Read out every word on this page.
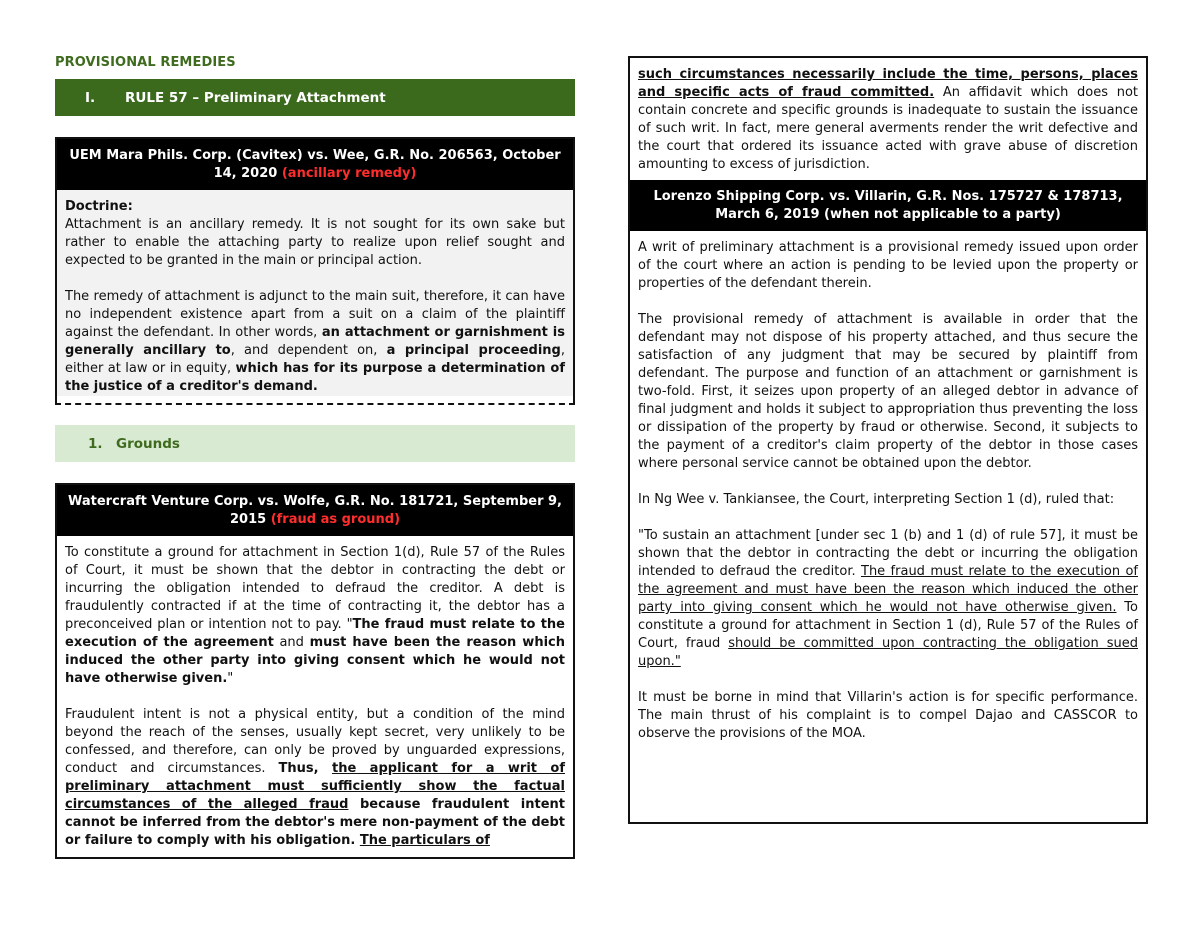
PROVISIONAL REMEDIES
I.	RULE 57 – Preliminary Attachment
UEM Mara Phils. Corp. (Cavitex) vs. Wee, G.R. No. 206563, October 14, 2020 (ancillary remedy)

Doctrine:
Attachment is an ancillary remedy. It is not sought for its own sake but rather to enable the attaching party to realize upon relief sought and expected to be granted in the main or principal action.

The remedy of attachment is adjunct to the main suit, therefore, it can have no independent existence apart from a suit on a claim of the plaintiff against the defendant. In other words, an attachment or garnishment is generally ancillary to, and dependent on, a principal proceeding, either at law or in equity, which has for its purpose a determination of the justice of a creditor's demand.

1. Grounds
Watercraft Venture Corp. vs. Wolfe, G.R. No. 181721, September 9, 2015 (fraud as ground)

To constitute a ground for attachment in Section 1(d), Rule 57 of the Rules of Court, it must be shown that the debtor in contracting the debt or incurring the obligation intended to defraud the creditor. A debt is fraudulently contracted if at the time of contracting it, the debtor has a preconceived plan or intention not to pay. "The fraud must relate to the execution of the agreement and must have been the reason which induced the other party into giving consent which he would not have otherwise given."

Fraudulent intent is not a physical entity, but a condition of the mind beyond the reach of the senses, usually kept secret, very unlikely to be confessed, and therefore, can only be proved by unguarded expressions, conduct and circumstances. Thus, the applicant for a writ of preliminary attachment must sufficiently show the factual circumstances of the alleged fraud because fraudulent intent cannot be inferred from the debtor's mere non-payment of the debt or failure to comply with his obligation. The particulars of

such circumstances necessarily include the time, persons, places and specific acts of fraud committed. An affidavit which does not contain concrete and specific grounds is inadequate to sustain the issuance of such writ. In fact, mere general averments render the writ defective and the court that ordered its issuance acted with grave abuse of discretion amounting to excess of jurisdiction.
Lorenzo Shipping Corp. vs. Villarin, G.R. Nos. 175727 & 178713, March 6, 2019 (when not applicable to a party)

A writ of preliminary attachment is a provisional remedy issued upon order of the court where an action is pending to be levied upon the property or properties of the defendant therein.

The provisional remedy of attachment is available in order that the defendant may not dispose of his property attached, and thus secure the satisfaction of any judgment that may be secured by plaintiff from defendant. The purpose and function of an attachment or garnishment is two-fold. First, it seizes upon property of an alleged debtor in advance of final judgment and holds it subject to appropriation thus preventing the loss or dissipation of the property by fraud or otherwise. Second, it subjects to the payment of a creditor's claim property of the debtor in those cases where personal service cannot be obtained upon the debtor.

In Ng Wee v. Tankiansee, the Court, interpreting Section 1 (d), ruled that:

"To sustain an attachment [under sec 1 (b) and 1 (d) of rule 57], it must be shown that the debtor in contracting the debt or incurring the obligation intended to defraud the creditor. The fraud must relate to the execution of the agreement and must have been the reason which induced the other party into giving consent which he would not have otherwise given. To constitute a ground for attachment in Section 1 (d), Rule 57 of the Rules of Court, fraud should be committed upon contracting the obligation sued upon."

It must be borne in mind that Villarin's action is for specific performance. The main thrust of his complaint is to compel Dajao and CASSCOR to observe the provisions of the MOA.
